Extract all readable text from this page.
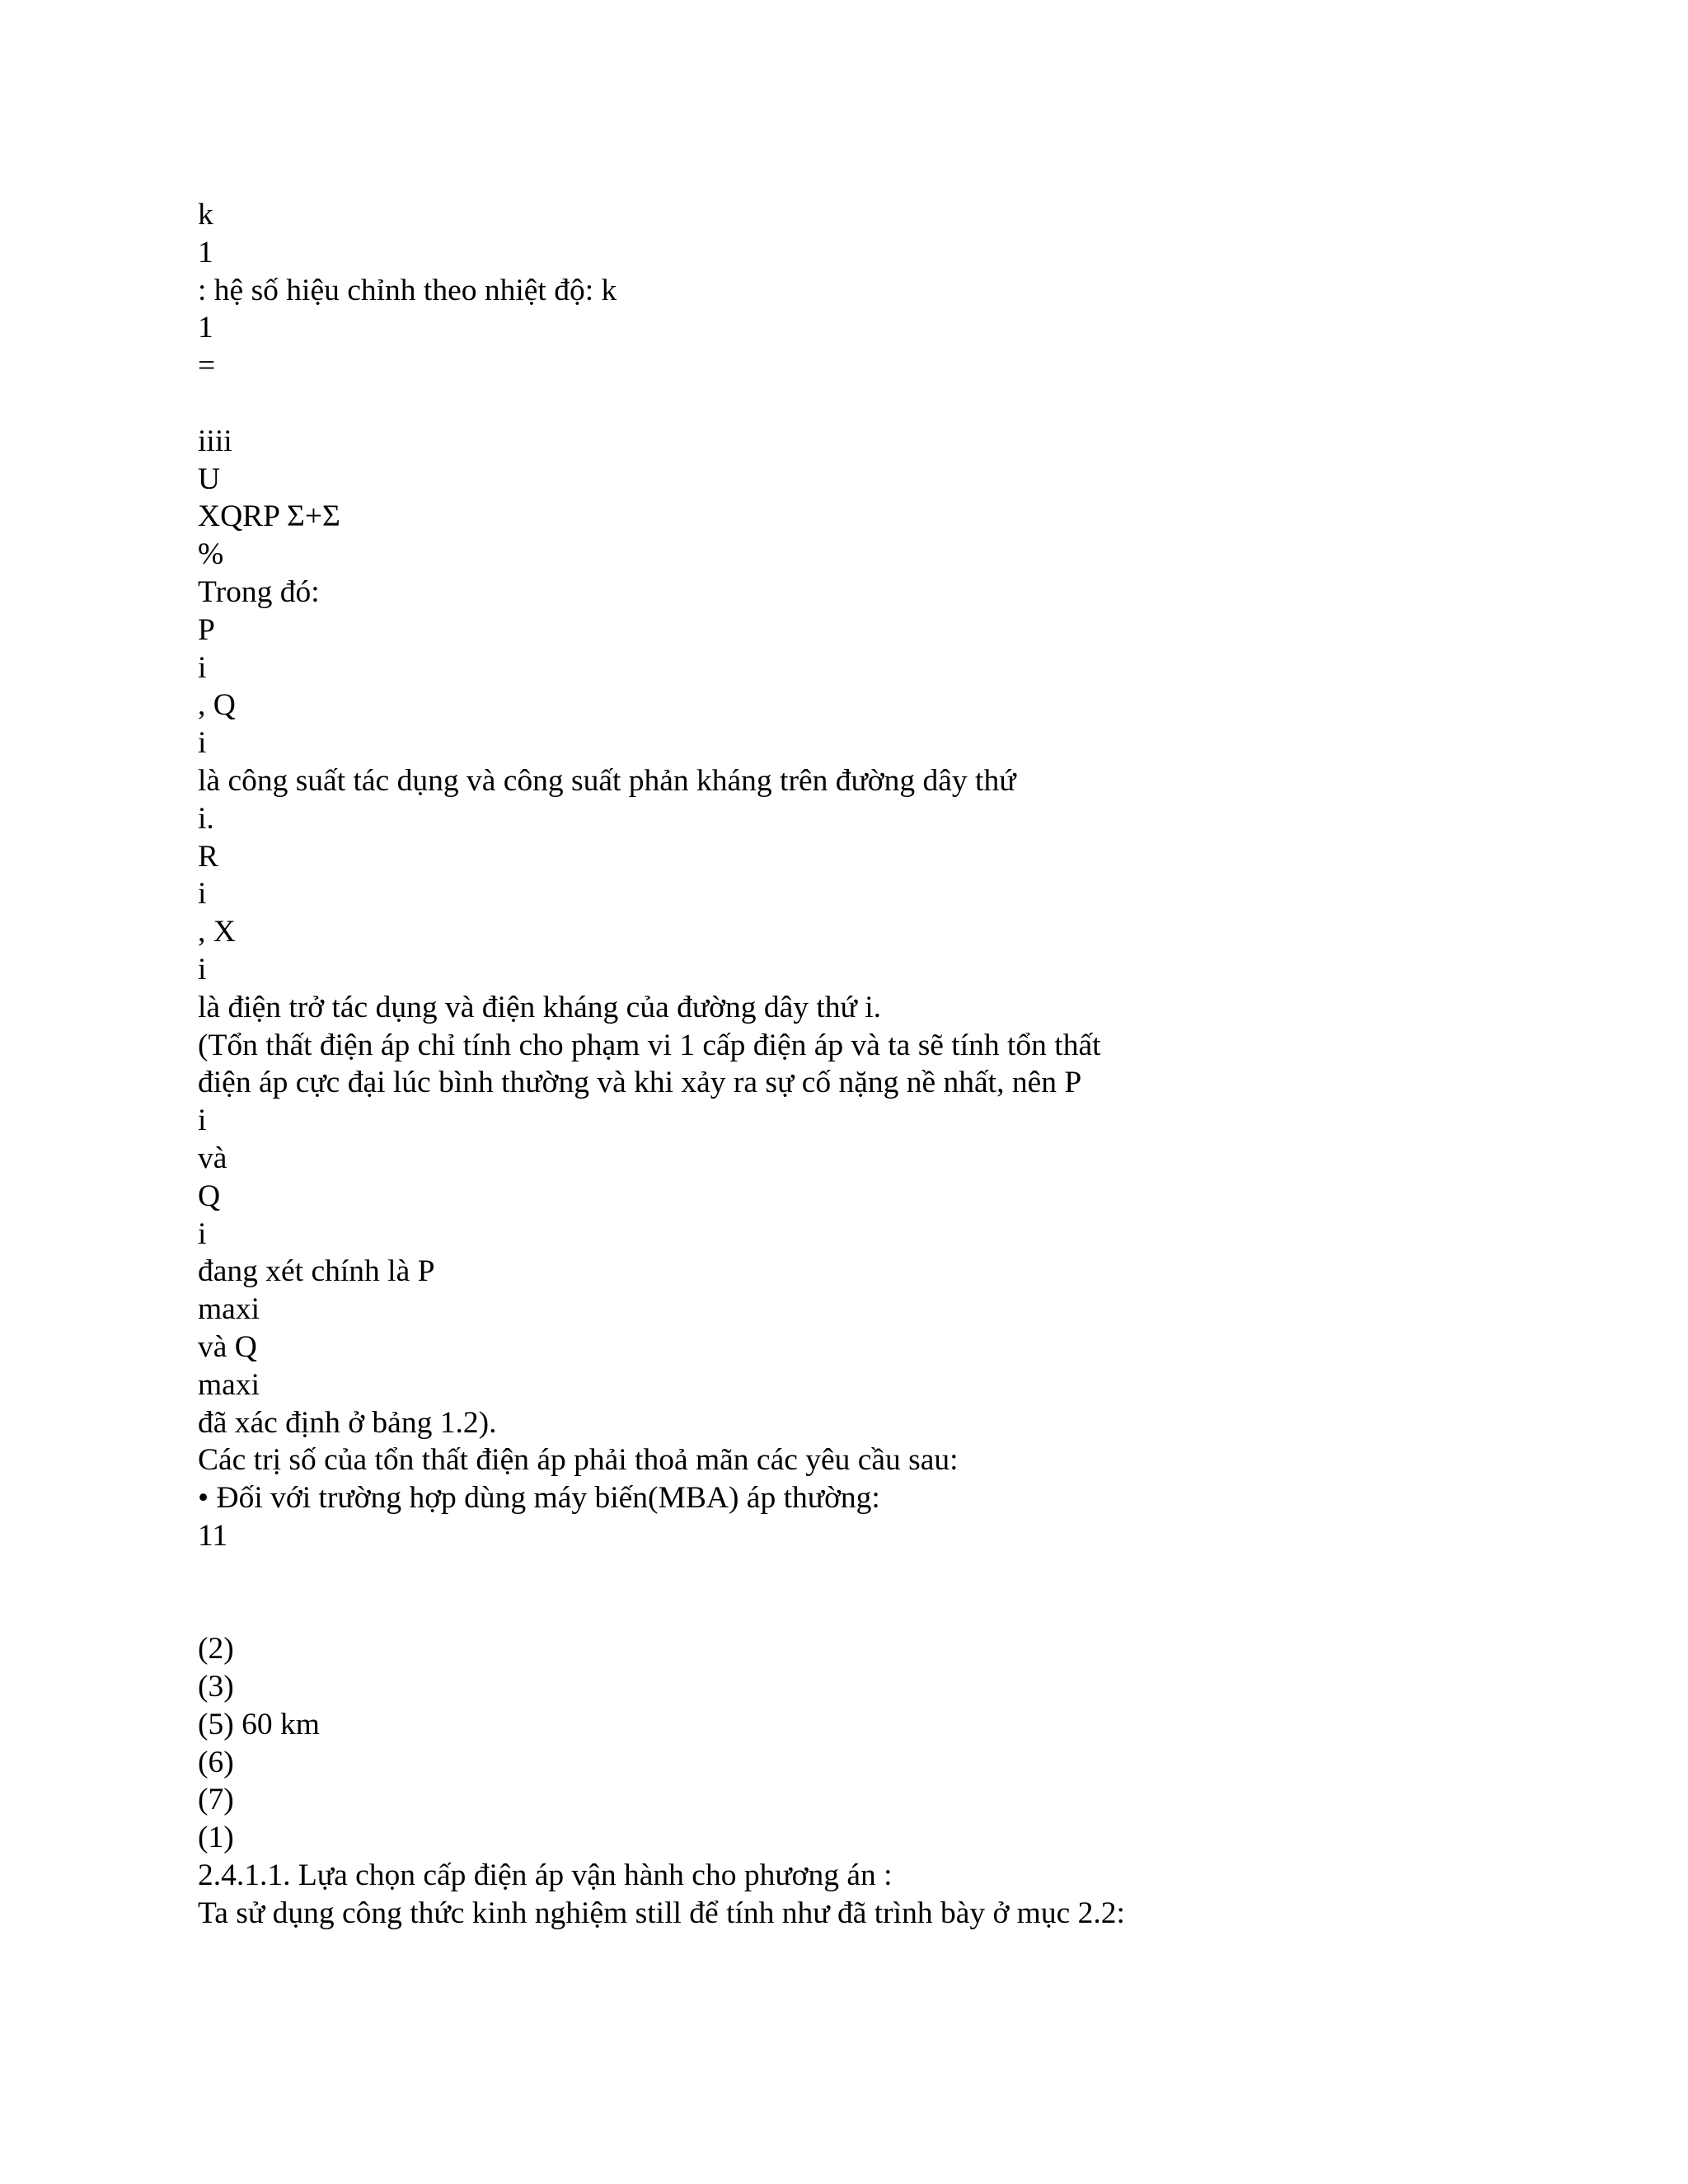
k
1
: hệ số hiệu chỉnh theo nhiệt độ: k
1
=
iiii
U
XQRP Σ+Σ
%
Trong đó:
P
i
, Q
i
là công suất tác dụng và công suất phản kháng trên đường dây thứ
i.
R
i
, X
i
là điện trở tác dụng và điện kháng của đường dây thứ i.
(Tổn thất điện áp chỉ tính cho phạm vi 1 cấp điện áp và ta sẽ tính tổn thất
điện áp cực đại lúc bình thường và khi xảy ra sự cố nặng nề nhất, nên P
i
và
Q
i
đang xét chính là P
maxi
và Q
maxi
đã xác định ở bảng 1.2).
Các trị số của tổn thất điện áp phải thoả mãn các yêu cầu sau:
• Đối với trường hợp dùng máy biến(MBA) áp thường:
11
(2)
(3)
(5) 60 km
(6)
(7)
(1)
2.4.1.1. Lựa chọn cấp điện áp vận hành cho phương án :
Ta sử dụng công thức kinh nghiệm still để tính như đã trình bày ở mục 2.2:
